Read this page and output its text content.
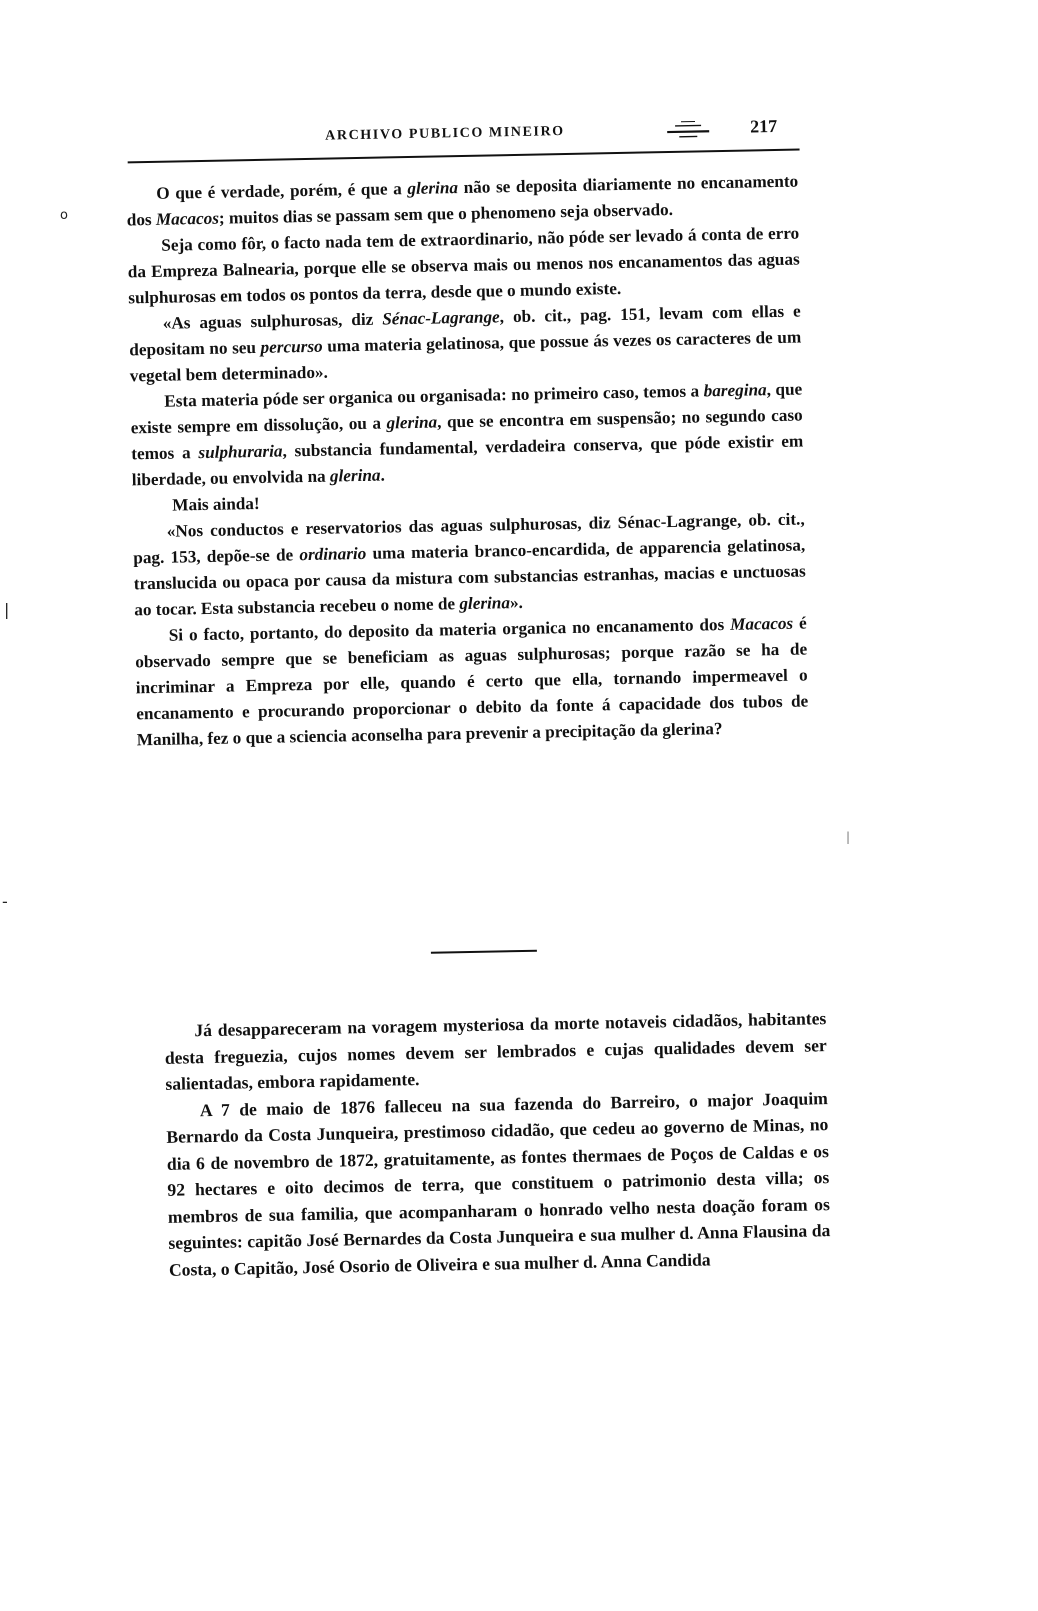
ARCHIVO PUBLICO MINEIRO	217

O que é verdade, porém, é que a glerina não se deposita diariamente no encanamento dos Macacos; muitos dias se passam sem que o phenomeno seja observado.

Seja como fôr, o facto nada tem de extraordinario, não póde ser levado á conta de erro da Empreza Balnearia, porque elle se observa mais ou menos nos encanamentos das aguas sulphurosas em todos os pontos da terra, desde que o mundo existe.

«As aguas sulphurosas, diz Sénac-Lagrange, ob. cit., pag. 151, levam com ellas e depositam no seu percurso uma materia gelatinosa, que possue ás vezes os caracteres de um vegetal bem determinado».

Esta materia póde ser organica ou organisada: no primeiro caso, temos a baregina, que existe sempre em dissolução, ou a glerina, que se encontra em suspensão; no segundo caso temos a sulphuraria, substancia fundamental, verdadeira conserva, que póde existir em liberdade, ou envolvida na glerina.

Mais ainda!

«Nos conductos e reservatorios das aguas sulphurosas, diz Sénac-Lagrange, ob. cit., pag. 153, depõe-se de ordinario uma materia branco-encardida, de apparencia gelatinosa, translucida ou opaca por causa da mistura com substancias estranhas, macias e unctuosas ao tocar. Esta substancia recebeu o nome de glerina».

Si o facto, portanto, do deposito da materia organica no encanamento dos Macacos é observado sempre que se beneficiam as aguas sulphurosas; porque razão se ha de incriminar a Empreza por elle, quando é certo que ella, tornando impermeavel o encanamento e procurando proporcionar o debito da fonte á capacidade dos tubos de Manilha, fez o que a sciencia aconselha para prevenir a precipitação da glerina?

Já desappareceram na voragem mysteriosa da morte notaveis cidadãos, habitantes desta freguezia, cujos nomes devem ser lembrados e cujas qualidades devem ser salientadas, embora rapidamente.

A 7 de maio de 1876 falleceu na sua fazenda do Barreiro, o major Joaquim Bernardo da Costa Junqueira, prestimoso cidadão, que cedeu ao governo de Minas, no dia 6 de novembro de 1872, gratuitamente, as fontes thermaes de Poços de Caldas e os 92 hectares e oito decimos de terra, que constituem o patrimonio desta villa; os membros de sua familia, que acompanharam o honrado velho nesta doação foram os seguintes: capitão José Bernardes da Costa Junqueira e sua mulher d. Anna Flausina da Costa, o Capitão, José Osorio de Oliveira e sua mulher d. Anna Candida

o
|
-
|
